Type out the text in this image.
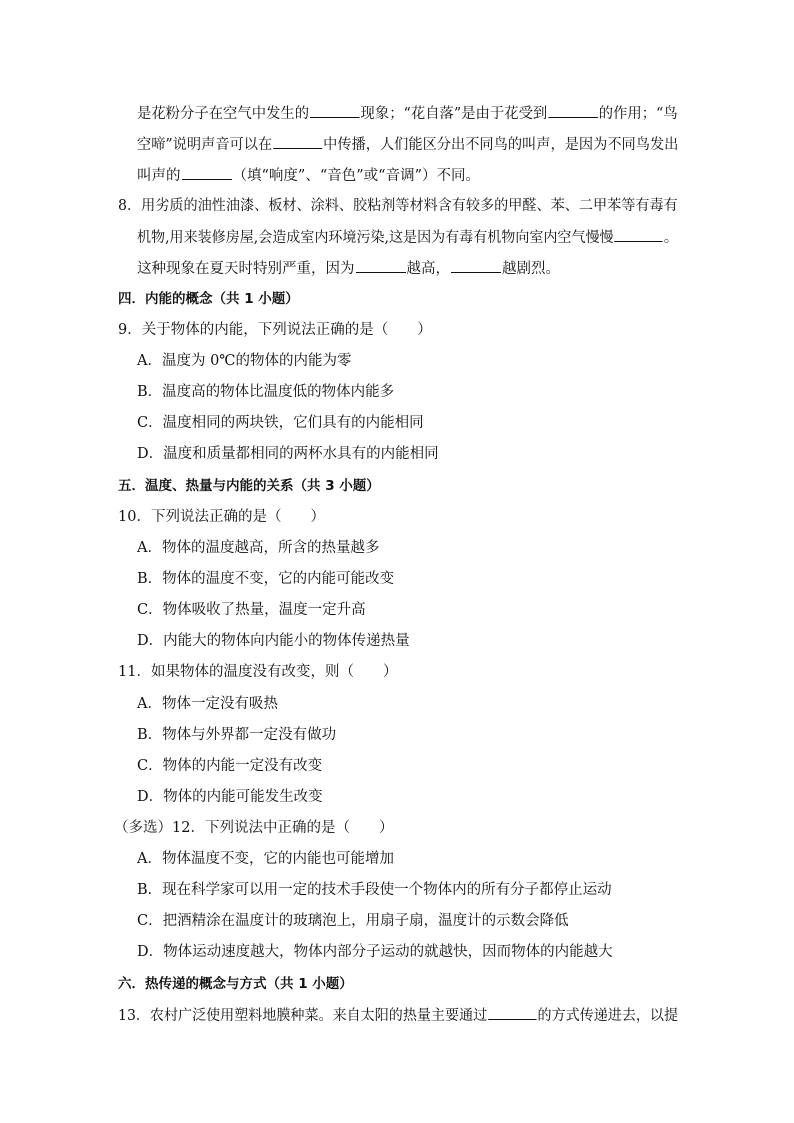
是花粉分子在空气中发生的	现象；“花自落”是由于花受到	的作用；“鸟
空啼”说明声音可以在	中传播，人们能区分出不同鸟的叫声，是因为不同鸟发出
叫声的	（填“响度”、“音色”或“音调”）不同。
8．用劣质的油性油漆、板材、涂料、胶粘剂等材料含有较多的甲醛、苯、二甲苯等有毒有
机物,用来装修房屋,会造成室内环境污染,这是因为有毒有机物向室内空气慢慢	。
这种现象在夏天时特别严重，因为	越高，	越剧烈。
四．内能的概念（共 1 小题）
9．关于物体的内能，下列说法正确的是（　　）
A．温度为 0℃的物体的内能为零
B．温度高的物体比温度低的物体内能多
C．温度相同的两块铁，它们具有的内能相同
D．温度和质量都相同的两杯水具有的内能相同
五．温度、热量与内能的关系（共 3 小题）
10．下列说法正确的是（　　）
A．物体的温度越高，所含的热量越多
B．物体的温度不变，它的内能可能改变
C．物体吸收了热量，温度一定升高
D．内能大的物体向内能小的物体传递热量
11．如果物体的温度没有改变，则（　　）
A．物体一定没有吸热
B．物体与外界都一定没有做功
C．物体的内能一定没有改变
D．物体的内能可能发生改变
（多选）12．下列说法中正确的是（　　）
A．物体温度不变，它的内能也可能增加
B．现在科学家可以用一定的技术手段使一个物体内的所有分子都停止运动
C．把酒精涂在温度计的玻璃泡上，用扇子扇，温度计的示数会降低
D．物体运动速度越大，物体内部分子运动的就越快，因而物体的内能越大
六．热传递的概念与方式（共 1 小题）
13．农村广泛使用塑料地膜种菜。来自太阳的热量主要通过	的方式传递进去，以提
